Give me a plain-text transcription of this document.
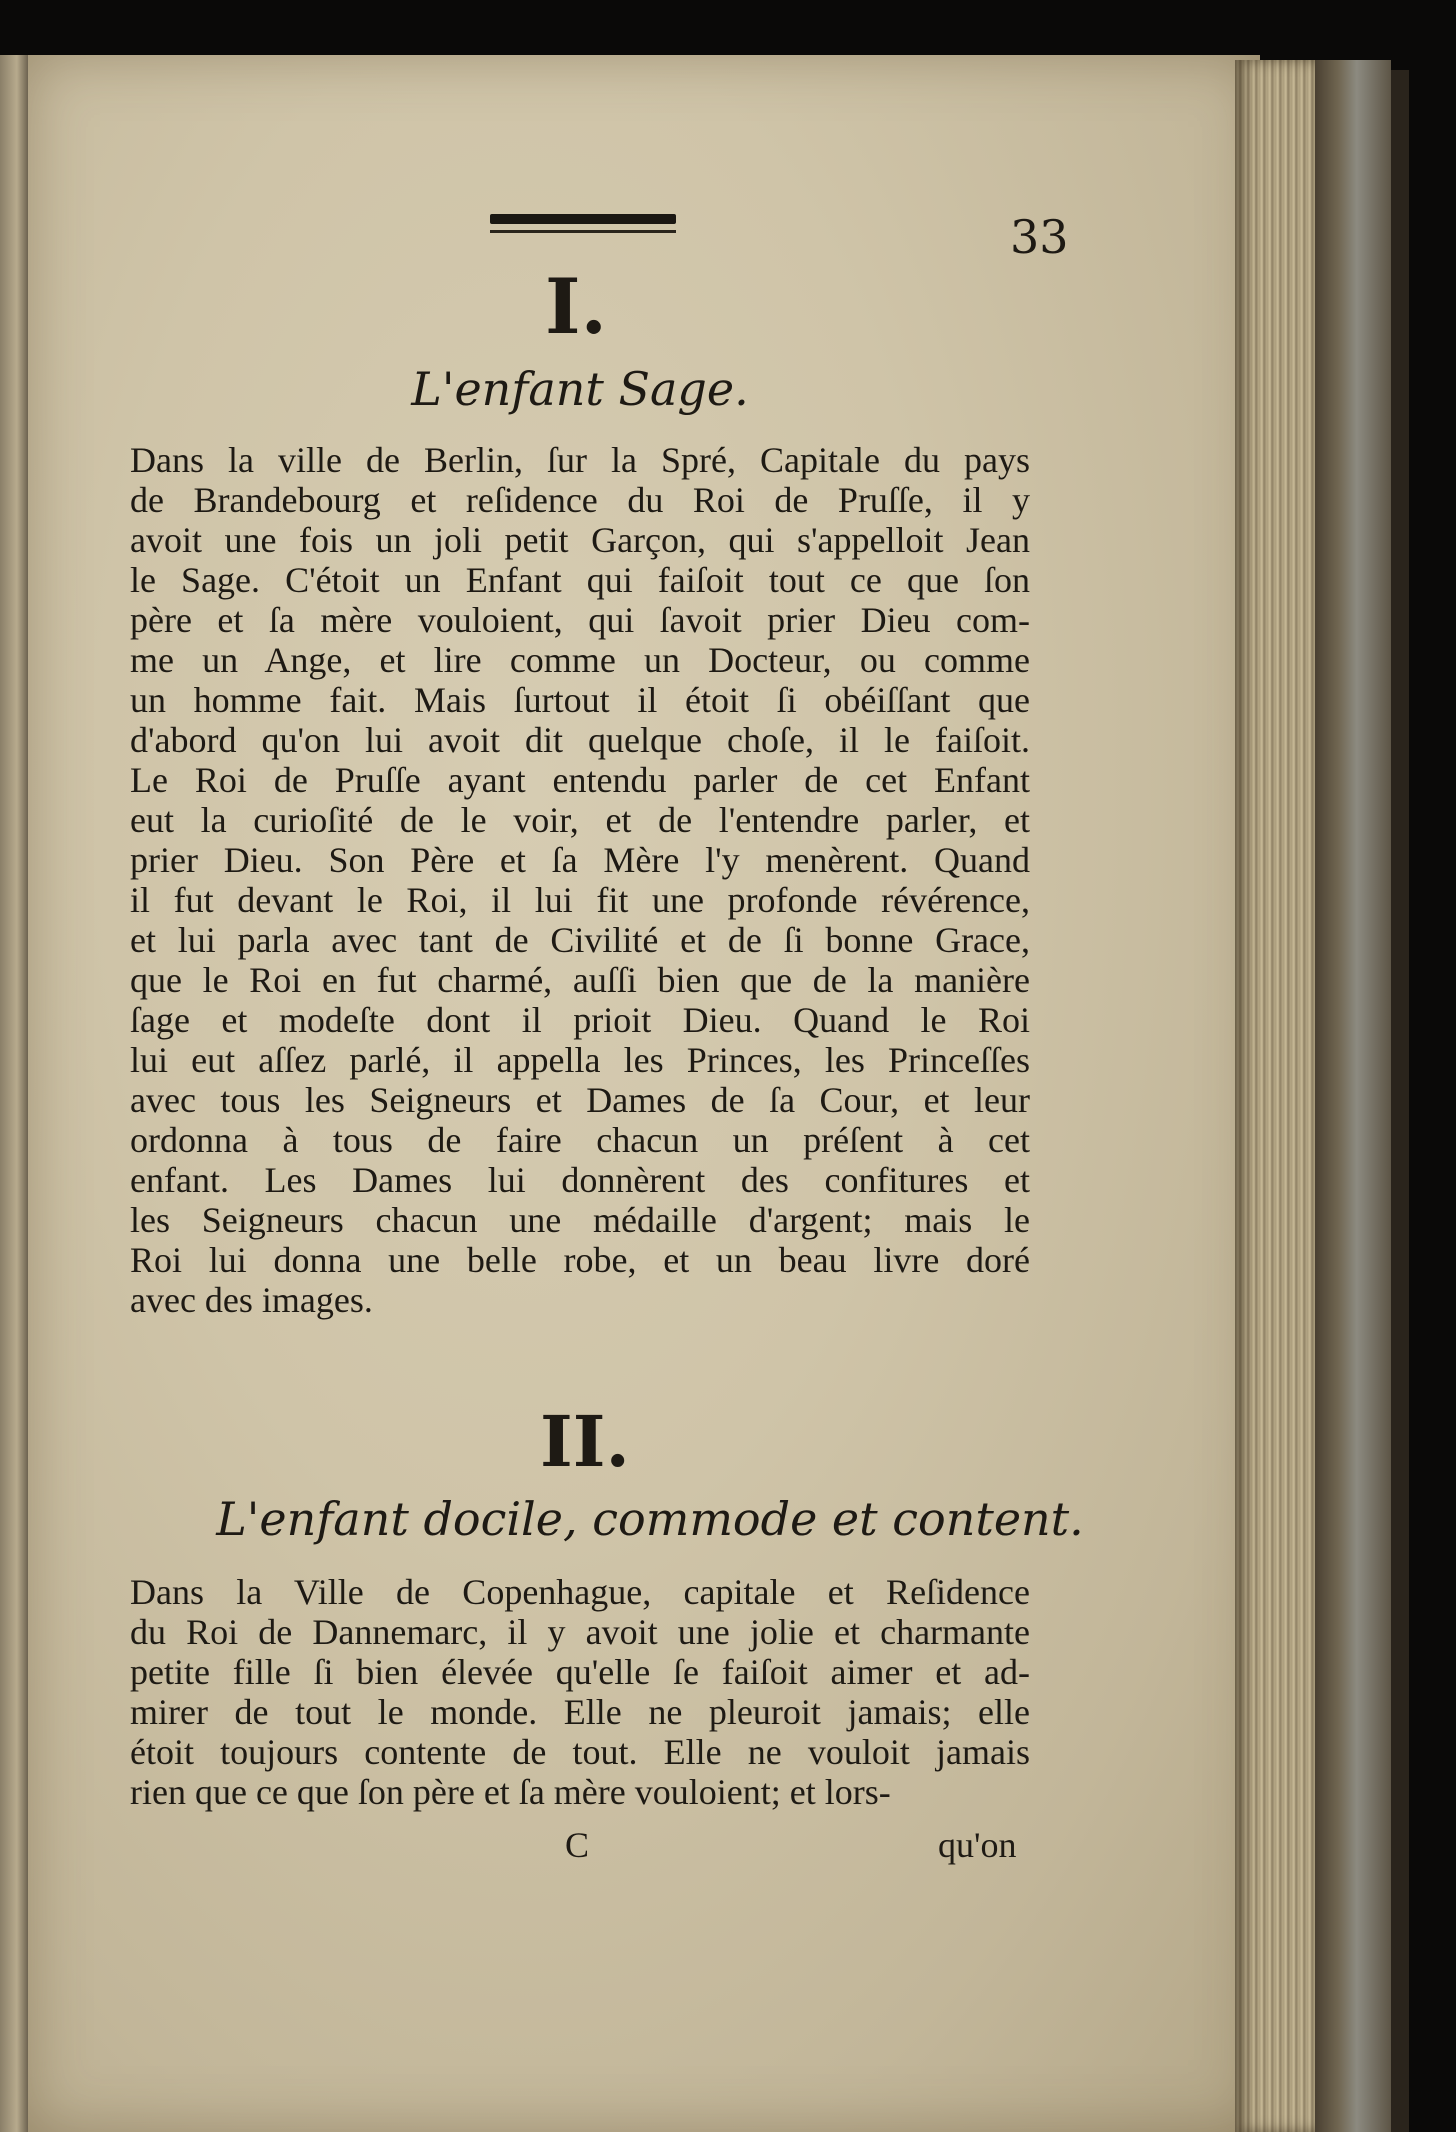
33
I.
L'enfant Sage.
Dans la ville de Berlin, ſur la Spré, Capitale du pays
de Brandebourg et reſidence du Roi de Pruſſe, il y
avoit une fois un joli petit Garçon, qui s'appelloit Jean
le Sage. C'étoit un Enfant qui faiſoit tout ce que ſon
père et ſa mère vouloient, qui ſavoit prier Dieu com-
me un Ange, et lire comme un Docteur, ou comme
un homme fait. Mais ſurtout il étoit ſi obéiſſant que
d'abord qu'on lui avoit dit quelque choſe, il le faiſoit.
Le Roi de Pruſſe ayant entendu parler de cet Enfant
eut la curioſité de le voir, et de l'entendre parler, et
prier Dieu. Son Père et ſa Mère l'y menèrent. Quand
il fut devant le Roi, il lui fit une profonde révérence,
et lui parla avec tant de Civilité et de ſi bonne Grace,
que le Roi en fut charmé, auſſi bien que de la manière
ſage et modeſte dont il prioit Dieu. Quand le Roi
lui eut aſſez parlé, il appella les Princes, les Princeſſes
avec tous les Seigneurs et Dames de ſa Cour, et leur
ordonna à tous de faire chacun un préſent à cet
enfant. Les Dames lui donnèrent des confitures et
les Seigneurs chacun une médaille d'argent; mais le
Roi lui donna une belle robe, et un beau livre doré
avec des images.
II.
L'enfant docile, commode et content.
Dans la Ville de Copenhague, capitale et Reſidence
du Roi de Dannemarc, il y avoit une jolie et charmante
petite fille ſi bien élevée qu'elle ſe faiſoit aimer et ad-
mirer de tout le monde. Elle ne pleuroit jamais; elle
étoit toujours contente de tout. Elle ne vouloit jamais
rien que ce que ſon père et ſa mère vouloient; et lors-
C	qu'on
